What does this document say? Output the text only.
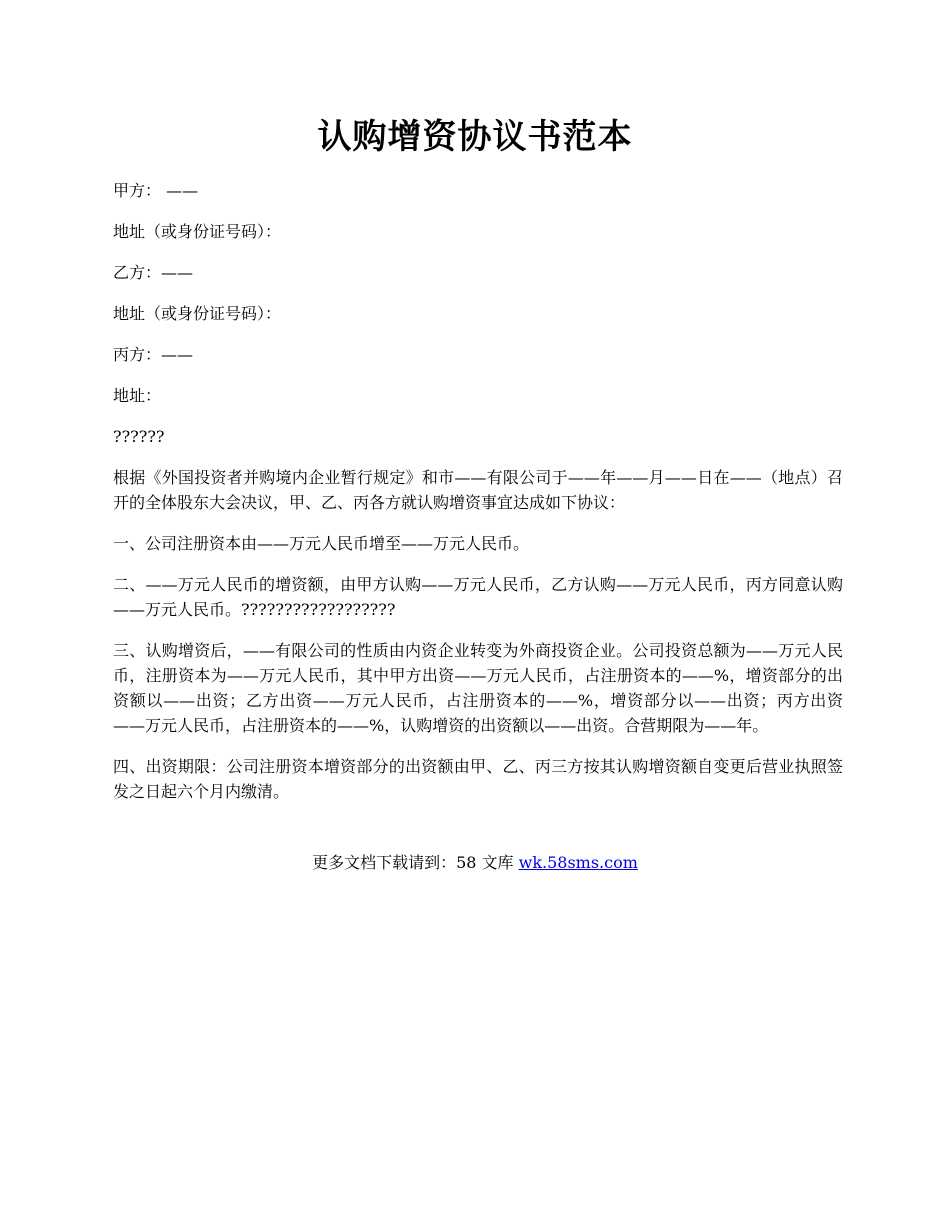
认购增资协议书范本

甲方： ——

地址（或身份证号码）：

乙方：——

地址（或身份证号码）：

丙方：——

地址：

??????

根据《外国投资者并购境内企业暂行规定》和市——有限公司于——年——月——日在——（地点）召开的全体股东大会决议，甲、乙、丙各方就认购增资事宜达成如下协议：

一、公司注册资本由——万元人民币增至——万元人民币。

二、——万元人民币的增资额，由甲方认购——万元人民币，乙方认购——万元人民币，丙方同意认购——万元人民币。??????????????????

三、认购增资后，——有限公司的性质由内资企业转变为外商投资企业。公司投资总额为——万元人民币，注册资本为——万元人民币，其中甲方出资——万元人民币，占注册资本的——%，增资部分的出资额以——出资；乙方出资——万元人民币，占注册资本的——%，增资部分以——出资；丙方出资——万元人民币，占注册资本的——%，认购增资的出资额以——出资。合营期限为——年。

四、出资期限：公司注册资本增资部分的出资额由甲、乙、丙三方按其认购增资额自变更后营业执照签发之日起六个月内缴清。

更多文档下载请到：58 文库 wk.58sms.com
